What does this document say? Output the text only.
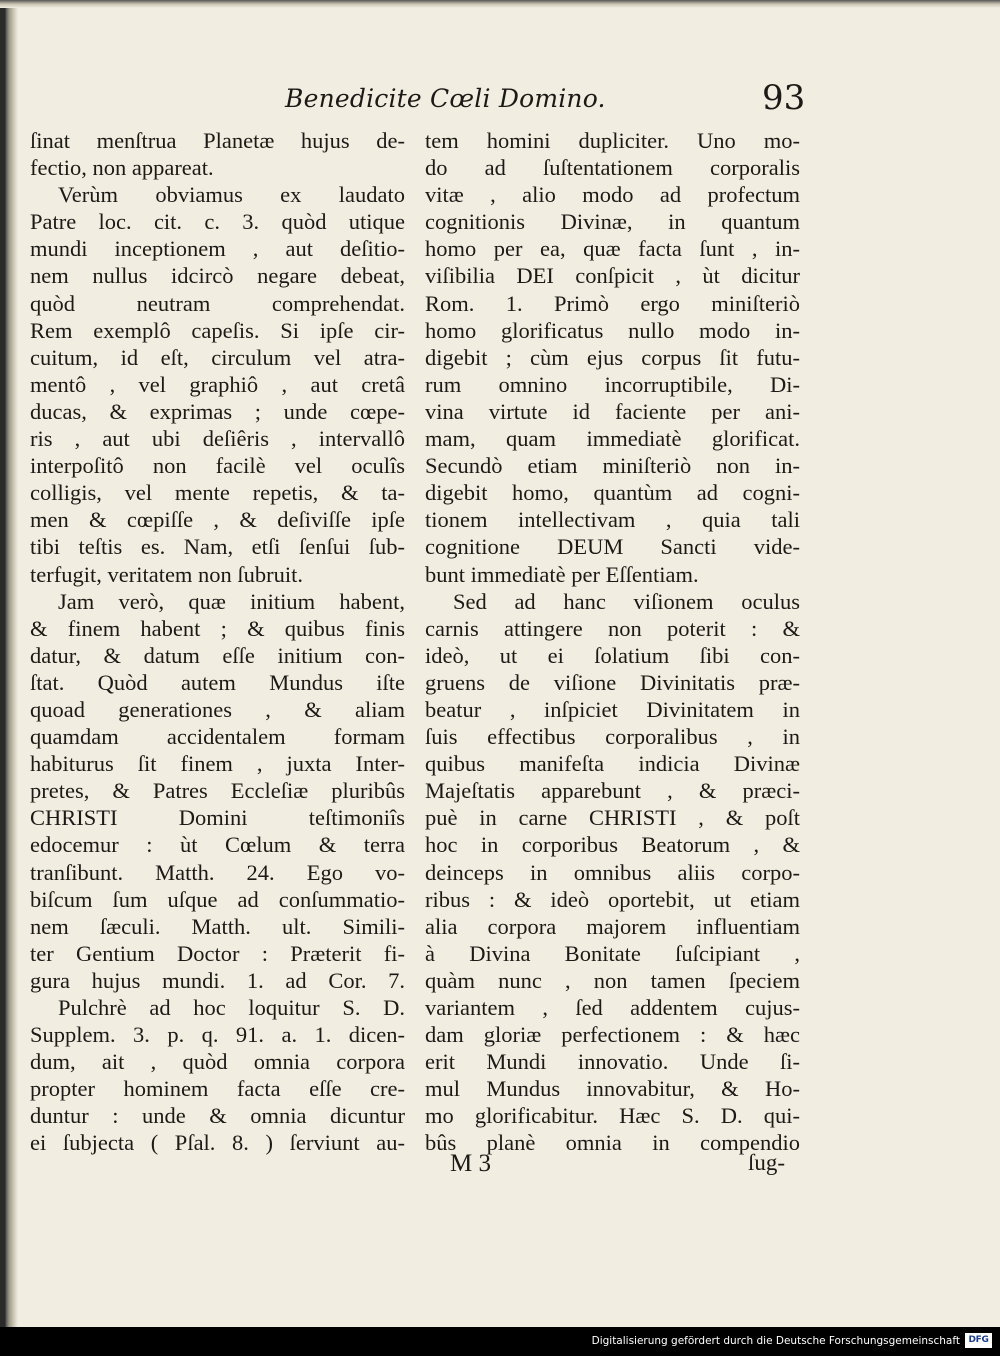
Benedicite Cœli Domino.	93
ſinat menſtrua Planetæ hujus de-
fectio, non appareat.
Verùm obviamus ex laudato
Patre loc. cit. c. 3. quòd utique
mundi inceptionem , aut deſitio-
nem nullus idcircò negare debeat,
quòd neutram comprehendat.
Rem exemplô capeſis. Si ipſe cir-
cuitum, id eſt, circulum vel atra-
mentô , vel graphiô , aut cretâ
ducas, & exprimas ; unde cœpe-
ris , aut ubi deſiêris , intervallô
interpoſitô non facilè vel oculîs
colligis, vel mente repetis, & ta-
men & cœpiſſe , & deſiviſſe ipſe
tibi teſtis es. Nam, etſi ſenſui ſub-
terfugit, veritatem non ſubruit.
Jam verò, quæ initium habent,
& finem habent ; & quibus finis
datur, & datum eſſe initium con-
ſtat. Quòd autem Mundus iſte
quoad generationes , & aliam
quamdam accidentalem formam
habiturus ſit finem , juxta Inter-
pretes, & Patres Eccleſiæ pluribûs
CHRISTI Domini teſtimoniîs
edocemur : ùt Cœlum & terra
tranſibunt. Matth. 24. Ego vo-
biſcum ſum uſque ad conſummatio-
nem ſæculi. Matth. ult. Simili-
ter Gentium Doctor : Præterit fi-
gura hujus mundi. 1. ad Cor. 7.
Pulchrè ad hoc loquitur S. D.
Supplem. 3. p. q. 91. a. 1. dicen-
dum, ait , quòd omnia corpora
propter hominem facta eſſe cre-
duntur : unde & omnia dicuntur
ei ſubjecta ( Pſal. 8. ) ſerviunt au-
tem homini dupliciter. Uno mo-
do ad ſuſtentationem corporalis
vitæ , alio modo ad profectum
cognitionis Divinæ, in quantum
homo per ea, quæ facta ſunt , in-
viſibilia DEI conſpicit , ùt dicitur
Rom. 1. Primò ergo miniſteriò
homo glorificatus nullo modo in-
digebit ; cùm ejus corpus ſit futu-
rum omnino incorruptibile, Di-
vina virtute id faciente per ani-
mam, quam immediatè glorificat.
Secundò etiam miniſteriò non in-
digebit homo, quantùm ad cogni-
tionem intellectivam , quia tali
cognitione DEUM Sancti vide-
bunt immediatè per Eſſentiam.
Sed ad hanc viſionem oculus
carnis attingere non poterit : &
ideò, ut ei ſolatium ſibi con-
gruens de viſione Divinitatis præ-
beatur , inſpiciet Divinitatem in
ſuis effectibus corporalibus , in
quibus manifeſta indicia Divinæ
Majeſtatis apparebunt , & præci-
puè in carne CHRISTI , & poſt
hoc in corporibus Beatorum , &
deinceps in omnibus aliis corpo-
ribus : & ideò oportebit, ut etiam
alia corpora majorem influentiam
à Divina Bonitate ſuſcipiant ,
quàm nunc , non tamen ſpeciem
variantem , ſed addentem cujus-
dam gloriæ perfectionem : & hæc
erit Mundi innovatio. Unde ſi-
mul Mundus innovabitur, & Ho-
mo glorificabitur. Hæc S. D. qui-
bûs planè omnia in compendio
M 3	ſug-
Digitalisierung gefördert durch die Deutsche Forschungsgemeinschaft DFG
